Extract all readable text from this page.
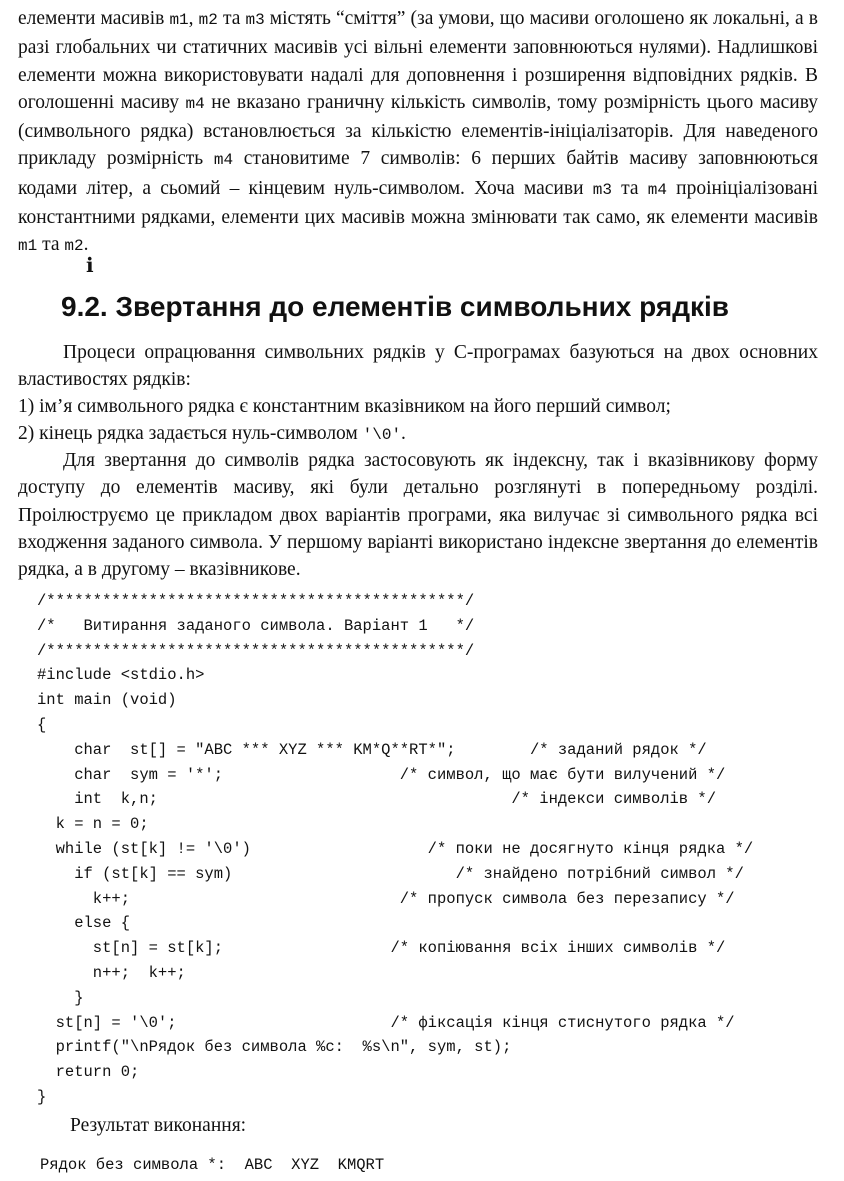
елементи масивів m1, m2 та m3 містять “сміття” (за умови, що масиви оголошено як локальні, а в разі глобальних чи статичних масивів усі вільні елементи заповнюються нулями). Надлишкові елементи можна використовувати надалі для доповнення і розширення відповідних рядків. В оголошенні масиву m4 не вказано граничну кількість символів, тому розмірність цього масиву (символьного рядка) встановлюється за кількістю елементів-ініціалізаторів. Для наведеного прикладу розмірність m4 становитиме 7 символів: 6 перших байтів масиву заповнюються кодами літер, а сьомий – кінцевим нуль-символом. Хоча масиви m3 та m4 проініціалізовані константними рядками, елементи цих масивів можна змінювати так само, як елементи масивів m1 та m2.

ℹ
9.2. Звертання до елементів символьних рядків

Процеси опрацювання символьних рядків у С-програмах базуються на двох основних властивостях рядків:

1) ім’я символьного рядка є константним вказівником на його перший символ;

2) кінець рядка задається нуль-символом '\0'.

Для звертання до символів рядка застосовують як індексну, так і вказівникову форму доступу до елементів масиву, які були детально розглянуті в попередньому розділі. Проілюструємо це прикладом двох варіантів програми, яка вилучає зі символьного рядка всі входження заданого символа. У першому варіанті використано індексне звертання до елементів рядка, а в другому – вказівникове.

/*********************************************/
/*   Витирання заданого символа. Варіант 1   */
/*********************************************/
#include <stdio.h>
int main (void)
{
char  st[] = "ABC *** XYZ *** KM*Q**RT*";        /* заданий рядок */
char  sym = '*';                   /* символ, що має бути вилучений */
int  k,n;                                      /* індекси символів */
k = n = 0;
while (st[k] != '\0')                   /* поки не досягнуто кінця рядка */
if (st[k] == sym)                        /* знайдено потрібний символ */
k++;                             /* пропуск символа без перезапису */
else {
st[n] = st[k];                  /* копіювання всіх інших символів */
n++;  k++;
}
st[n] = '\0';                       /* фіксація кінця стиснутого рядка */
printf("\nРядок без символа %c:  %s\n", sym, st);
return 0;
}

Результат виконання:

Рядок без символа *:  ABC  XYZ  KMQRT
